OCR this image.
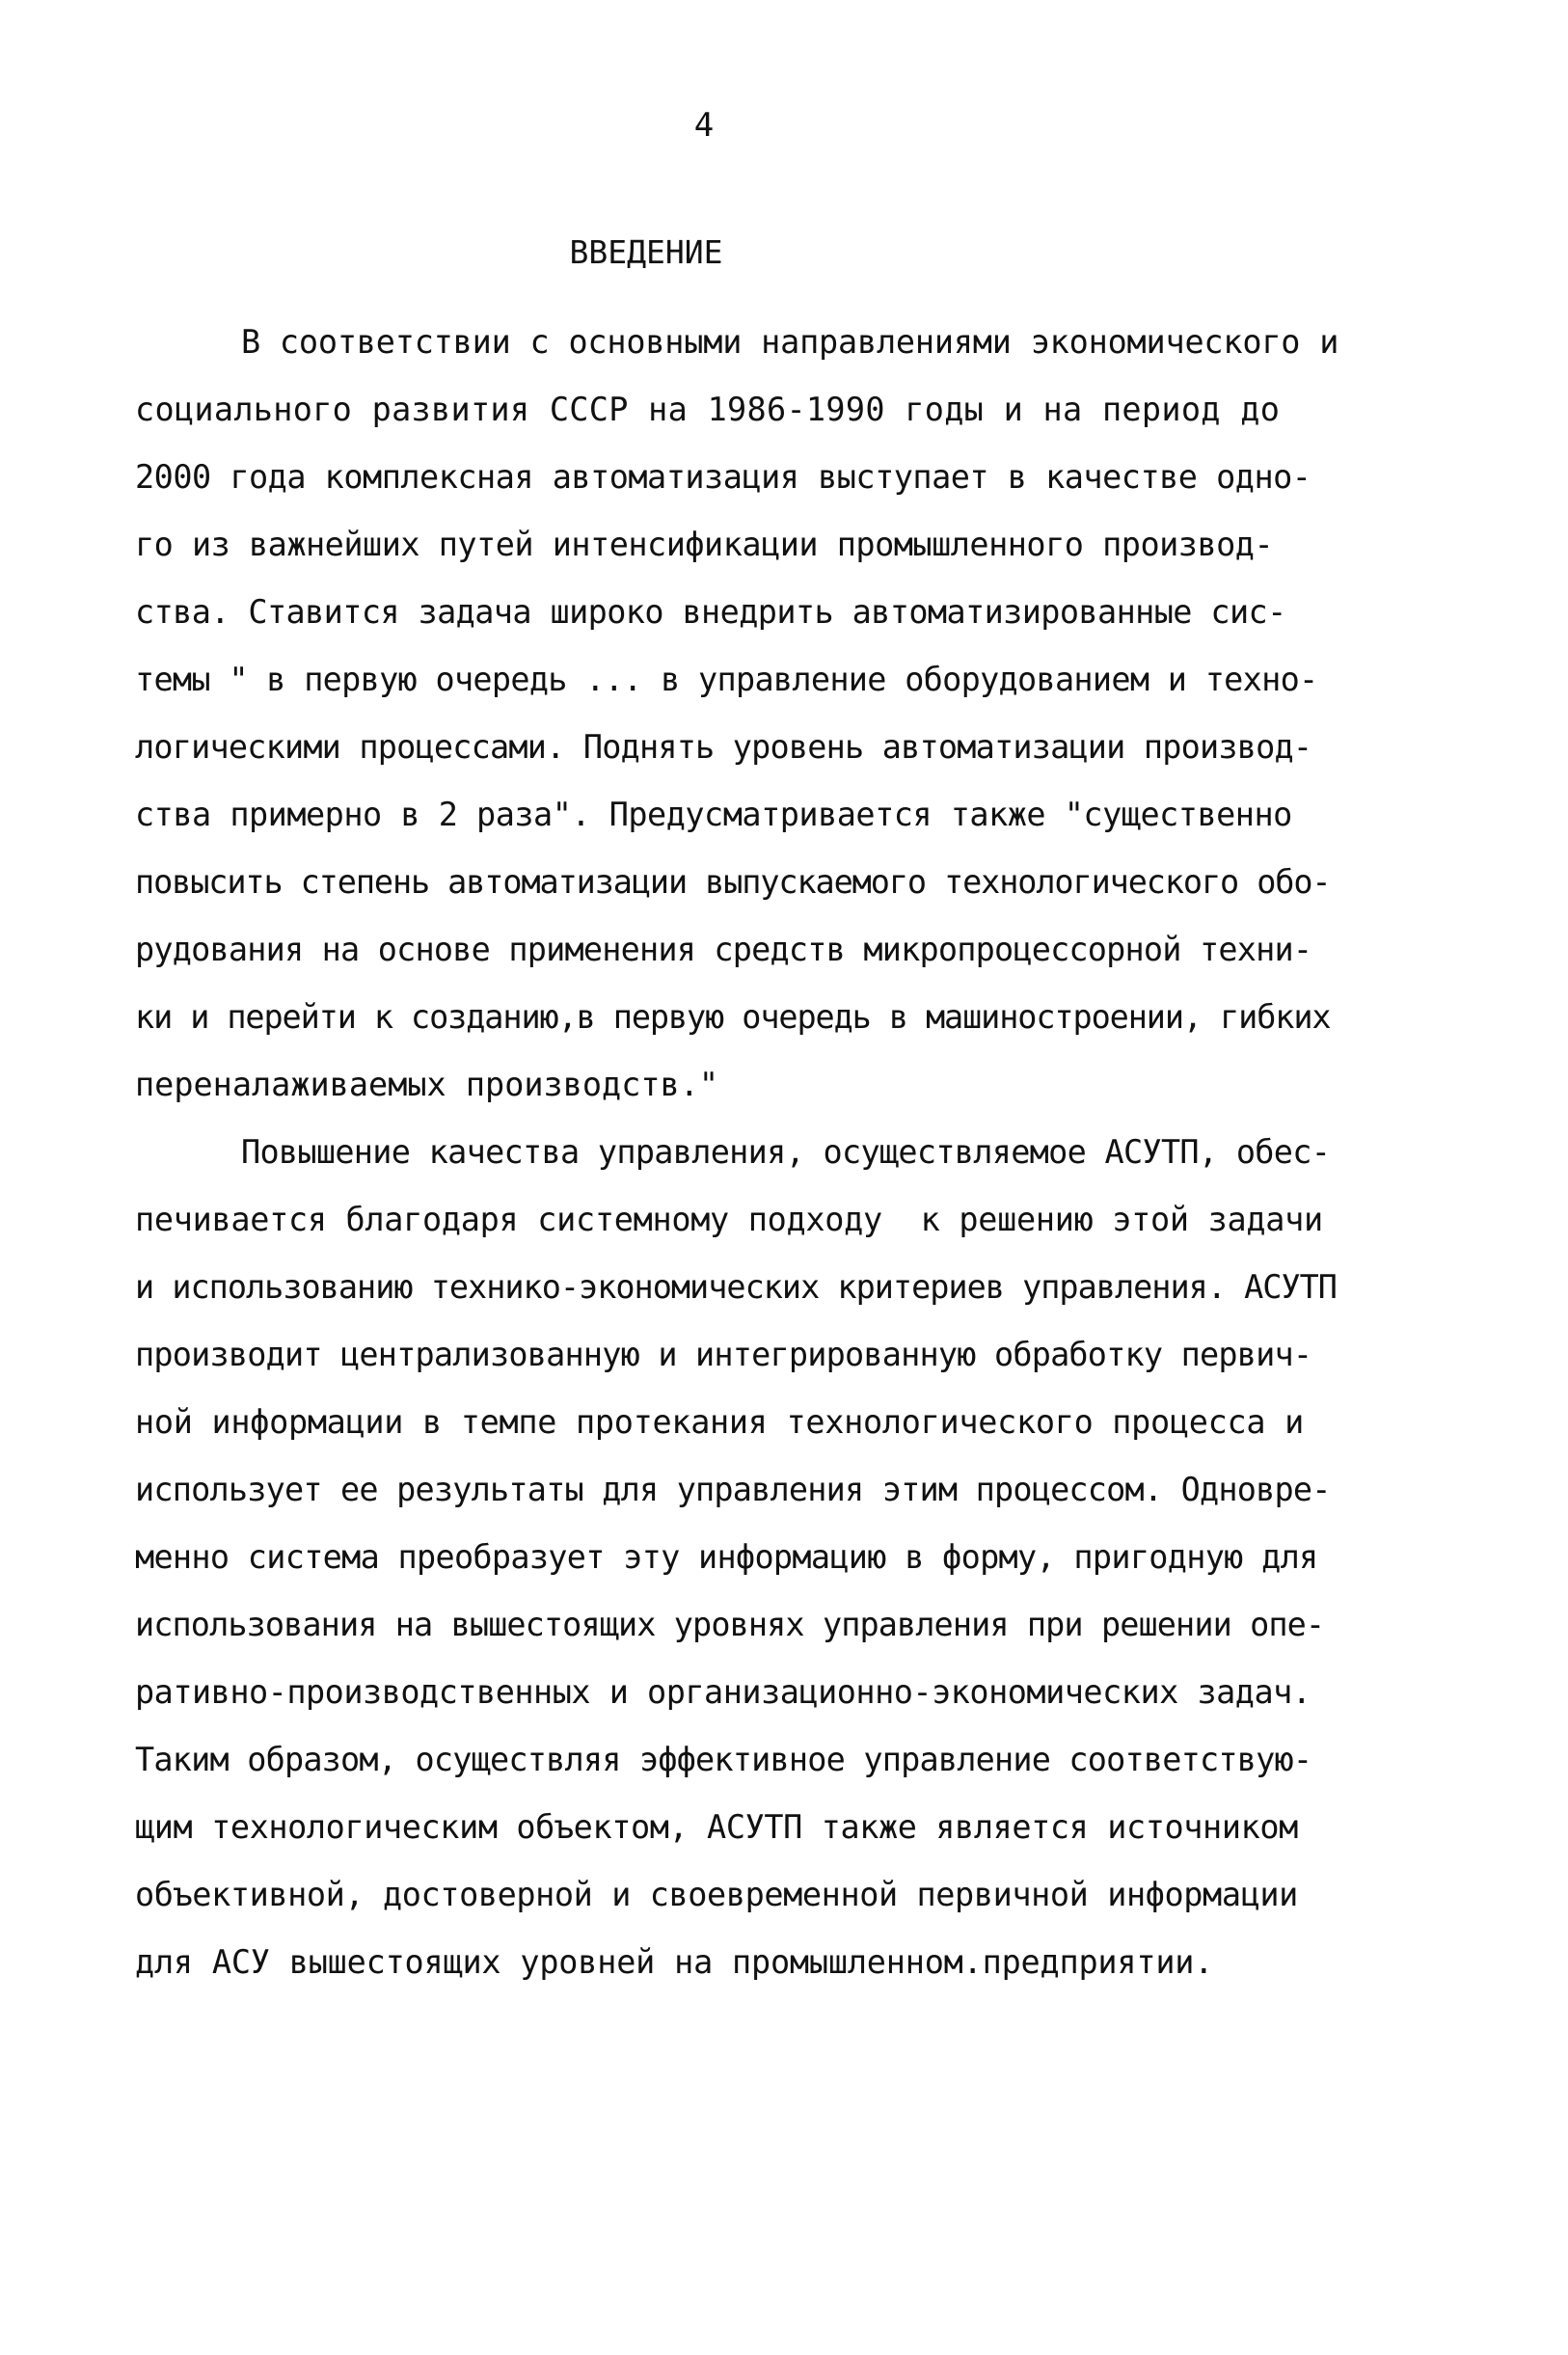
4
ВВЕДЕНИЕ
В соответствии с основными направлениями экономического и
социального развития СССР на 1986-1990 годы и на период до
2000 года комплексная автоматизация выступает в качестве одно-
го из важнейших путей интенсификации промышленного производ-
ства. Ставится задача широко внедрить автоматизированные сис-
темы " в первую очередь ... в управление оборудованием и техно-
логическими процессами. Поднять уровень автоматизации производ-
ства примерно в 2 раза". Предусматривается также "существенно
повысить степень автоматизации выпускаемого технологического обо-
рудования на основе применения средств микропроцессорной техни-
ки и перейти к созданию,в первую очередь в машиностроении, гибких
переналаживаемых производств."
Повышение качества управления, осуществляемое АСУТП, обес-
печивается благодаря системному подходу  к решению этой задачи
и использованию технико-экономических критериев управления. АСУТП
производит централизованную и интегрированную обработку первич-
ной информации в темпе протекания технологического процесса и
использует ее результаты для управления этим процессом. Одновре-
менно система преобразует эту информацию в форму, пригодную для
использования на вышестоящих уровнях управления при решении опе-
ративно-производственных и организационно-экономических задач.
Таким образом, осуществляя эффективное управление соответствую-
щим технологическим объектом, АСУТП также является источником
объективной, достоверной и своевременной первичной информации
для АСУ вышестоящих уровней на промышленном.предприятии.
